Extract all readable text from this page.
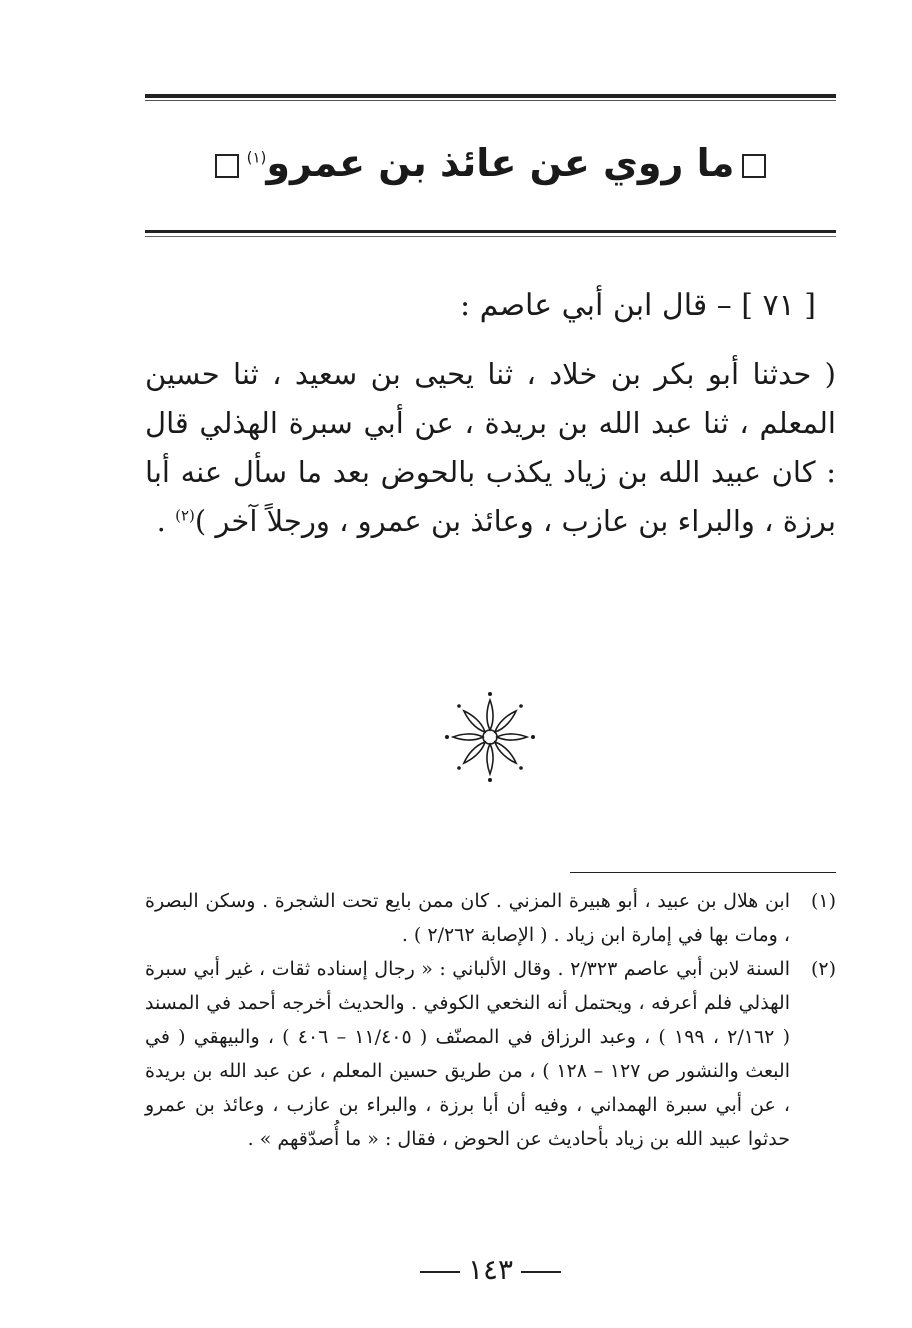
ما روي عن عائذ بن عمرو$^{(١)}$
[ ٧١ ] – قال ابن أبي عاصم :
( حدثنا أبو بكر بن خلاد ، ثنا يحيى بن سعيد ، ثنا حسين المعلم ، ثنا عبد الله بن بريدة ، عن أبي سبرة الهذلي قال : كان عبيد الله بن زياد يكذب بالحوض بعد ما سأل عنه أبا برزة ، والبراء بن عازب ، وعائذ بن عمرو ، ورجلاً آخر )$^{(٢)}$ .
(١)
ابن هلال بن عبيد ، أبو هبيرة المزني . كان ممن بايع تحت الشجرة . وسكن البصرة ، ومات بها في إمارة ابن زياد . ( الإصابة ٢/٢٦٢ ) .
(٢)
السنة لابن أبي عاصم ٢/٣٢٣ . وقال الألباني : « رجال إسناده ثقات ، غير أبي سبرة الهذلي فلم أعرفه ، ويحتمل أنه النخعي الكوفي . والحديث أخرجه أحمد في المسند ( ٢/١٦٢ ، ١٩٩ ) ، وعبد الرزاق في المصنّف ( ١١/٤٠٥ – ٤٠٦ ) ، والبيهقي ( في البعث والنشور ص ١٢٧ – ١٢٨ ) ، من طريق حسين المعلم ، عن عبد الله بن بريدة ، عن أبي سبرة الهمداني ، وفيه أن أبا برزة ، والبراء بن عازب ، وعائذ بن عمرو حدثوا عبيد الله بن زياد بأحاديث عن الحوض ، فقال : « ما أُصدّقهم » .
١٤٣
